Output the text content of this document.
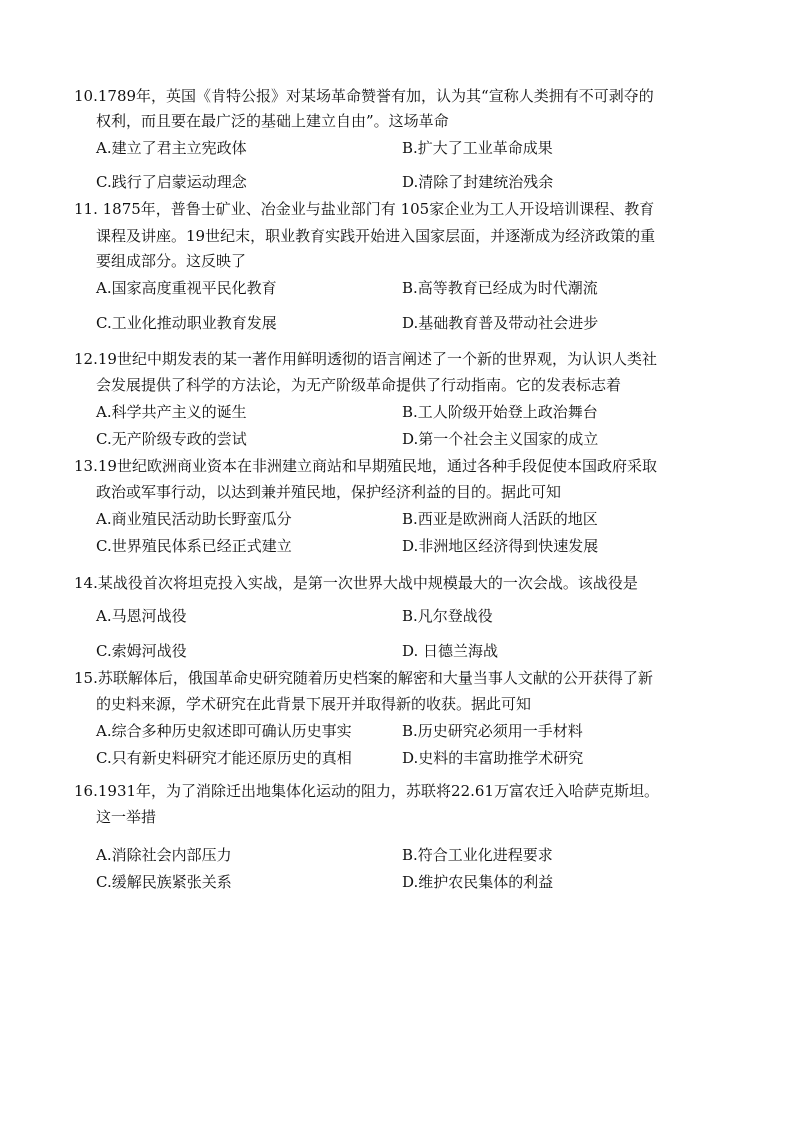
10.1789年，英国《肯特公报》对某场革命赞誉有加，认为其“宣称人类拥有不可剥夺的
权利，而且要在最广泛的基础上建立自由”。这场革命
A.建立了君主立宪政体	B.扩大了工业革命成果
C.践行了启蒙运动理念	D.清除了封建统治残余
11. 1875年，普鲁士矿业、冶金业与盐业部门有 105家企业为工人开设培训课程、教育
课程及讲座。19世纪末，职业教育实践开始进入国家层面，并逐渐成为经济政策的重
要组成部分。这反映了
A.国家高度重视平民化教育	B.高等教育已经成为时代潮流
C.工业化推动职业教育发展	D.基础教育普及带动社会进步
12.19世纪中期发表的某一著作用鲜明透彻的语言阐述了一个新的世界观，为认识人类社
会发展提供了科学的方法论，为无产阶级革命提供了行动指南。它的发表标志着
A.科学共产主义的诞生	B.工人阶级开始登上政治舞台
C.无产阶级专政的尝试	D.第一个社会主义国家的成立
13.19世纪欧洲商业资本在非洲建立商站和早期殖民地，通过各种手段促使本国政府采取
政治或军事行动，以达到兼并殖民地，保护经济利益的目的。据此可知
A.商业殖民活动助长野蛮瓜分	B.西亚是欧洲商人活跃的地区
C.世界殖民体系已经正式建立	D.非洲地区经济得到快速发展
14.某战役首次将坦克投入实战，是第一次世界大战中规模最大的一次会战。该战役是
A.马恩河战役	B.凡尔登战役
C.索姆河战役	D. 日德兰海战
15.苏联解体后，俄国革命史研究随着历史档案的解密和大量当事人文献的公开获得了新
的史料来源，学术研究在此背景下展开并取得新的收获。据此可知
A.综合多种历史叙述即可确认历史事实	B.历史研究必须用一手材料
C.只有新史料研究才能还原历史的真相	D.史料的丰富助推学术研究
16.1931年，为了消除迁出地集体化运动的阻力，苏联将22.61万富农迁入哈萨克斯坦。
这一举措
A.消除社会内部压力	B.符合工业化进程要求
C.缓解民族紧张关系	D.维护农民集体的利益
